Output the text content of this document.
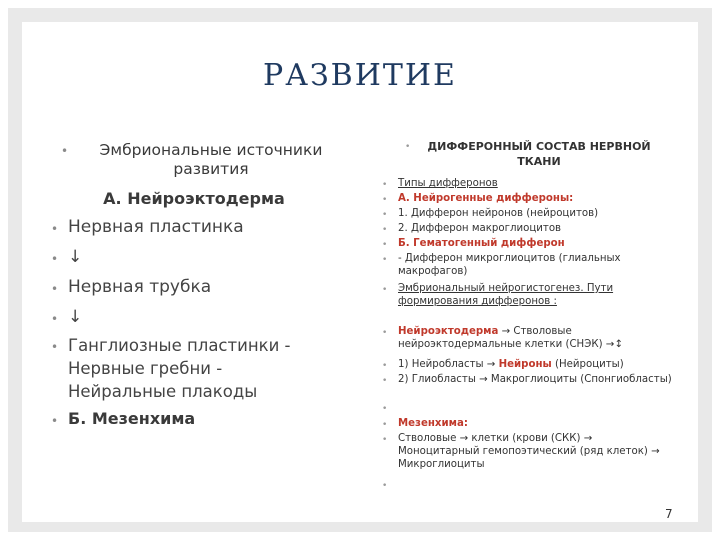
РАЗВИТИЕ
•	Эмбриональные источники развития
А. Нейроэктодерма
• Нервная пластинка
• ↓
• Нервная трубка
• ↓
• Ганглиозные пластинки - Нервные гребни - Нейральные плакоды
• Б. Мезенхима
•	ДИФФЕРОННЫЙ СОСТАВ НЕРВНОЙ ТКАНИ
• Типы дифферонов
• А. Нейрогенные диффероны:
• 1. Дифферон нейронов (нейроцитов)
• 2. Дифферон макроглиоцитов
• Б. Гематогенный дифферон
• - Дифферон микроглиоцитов (глиальных макрофагов)
• Эмбриональный нейрогистогенез. Пути формирования дифферонов :
• Нейроэктодерма → Стволовые нейроэктодермальные клетки (СНЭК) →↕
• 1) Нейробласты → Нейроны (Нейроциты)
• 2) Глиобласты → Макроглиоциты (Спонгиобласты)
•
• Мезенхима:
• Стволовые → клетки (крови (СКК) → Моноцитарный гемопоэтический (ряд клеток) → Микроглиоциты
•
7
